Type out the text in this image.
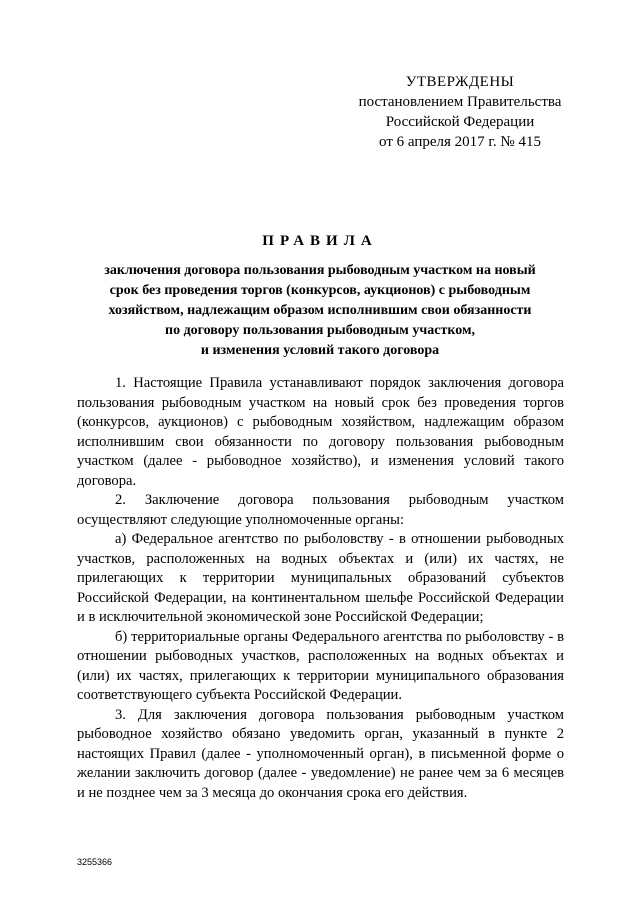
УТВЕРЖДЕНЫ
постановлением Правительства
Российской Федерации
от 6 апреля 2017 г. № 415
ПРАВИЛА
заключения договора пользования рыбоводным участком на новый
срок без проведения торгов (конкурсов, аукционов) с рыбоводным
хозяйством, надлежащим образом исполнившим свои обязанности
по договору пользования рыбоводным участком,
и изменения условий такого договора

1. Настоящие Правила устанавливают порядок заключения договора пользования рыбоводным участком на новый срок без проведения торгов (конкурсов, аукционов) с рыбоводным хозяйством, надлежащим образом исполнившим свои обязанности по договору пользования рыбоводным участком (далее - рыбоводное хозяйство), и изменения условий такого договора.

2. Заключение договора пользования рыбоводным участком осуществляют следующие уполномоченные органы:

а) Федеральное агентство по рыболовству - в отношении рыбоводных участков, расположенных на водных объектах и (или) их частях, не прилегающих к территории муниципальных образований субъектов Российской Федерации, на континентальном шельфе Российской Федерации и в исключительной экономической зоне Российской Федерации;

б) территориальные органы Федерального агентства по рыболовству - в отношении рыбоводных участков, расположенных на водных объектах и (или) их частях, прилегающих к территории муниципального образования соответствующего субъекта Российской Федерации.

3. Для заключения договора пользования рыбоводным участком рыбоводное хозяйство обязано уведомить орган, указанный в пункте 2 настоящих Правил (далее - уполномоченный орган), в письменной форме о желании заключить договор (далее - уведомление) не ранее чем за 6 месяцев и не позднее чем за 3 месяца до окончания срока его действия.

3255366
